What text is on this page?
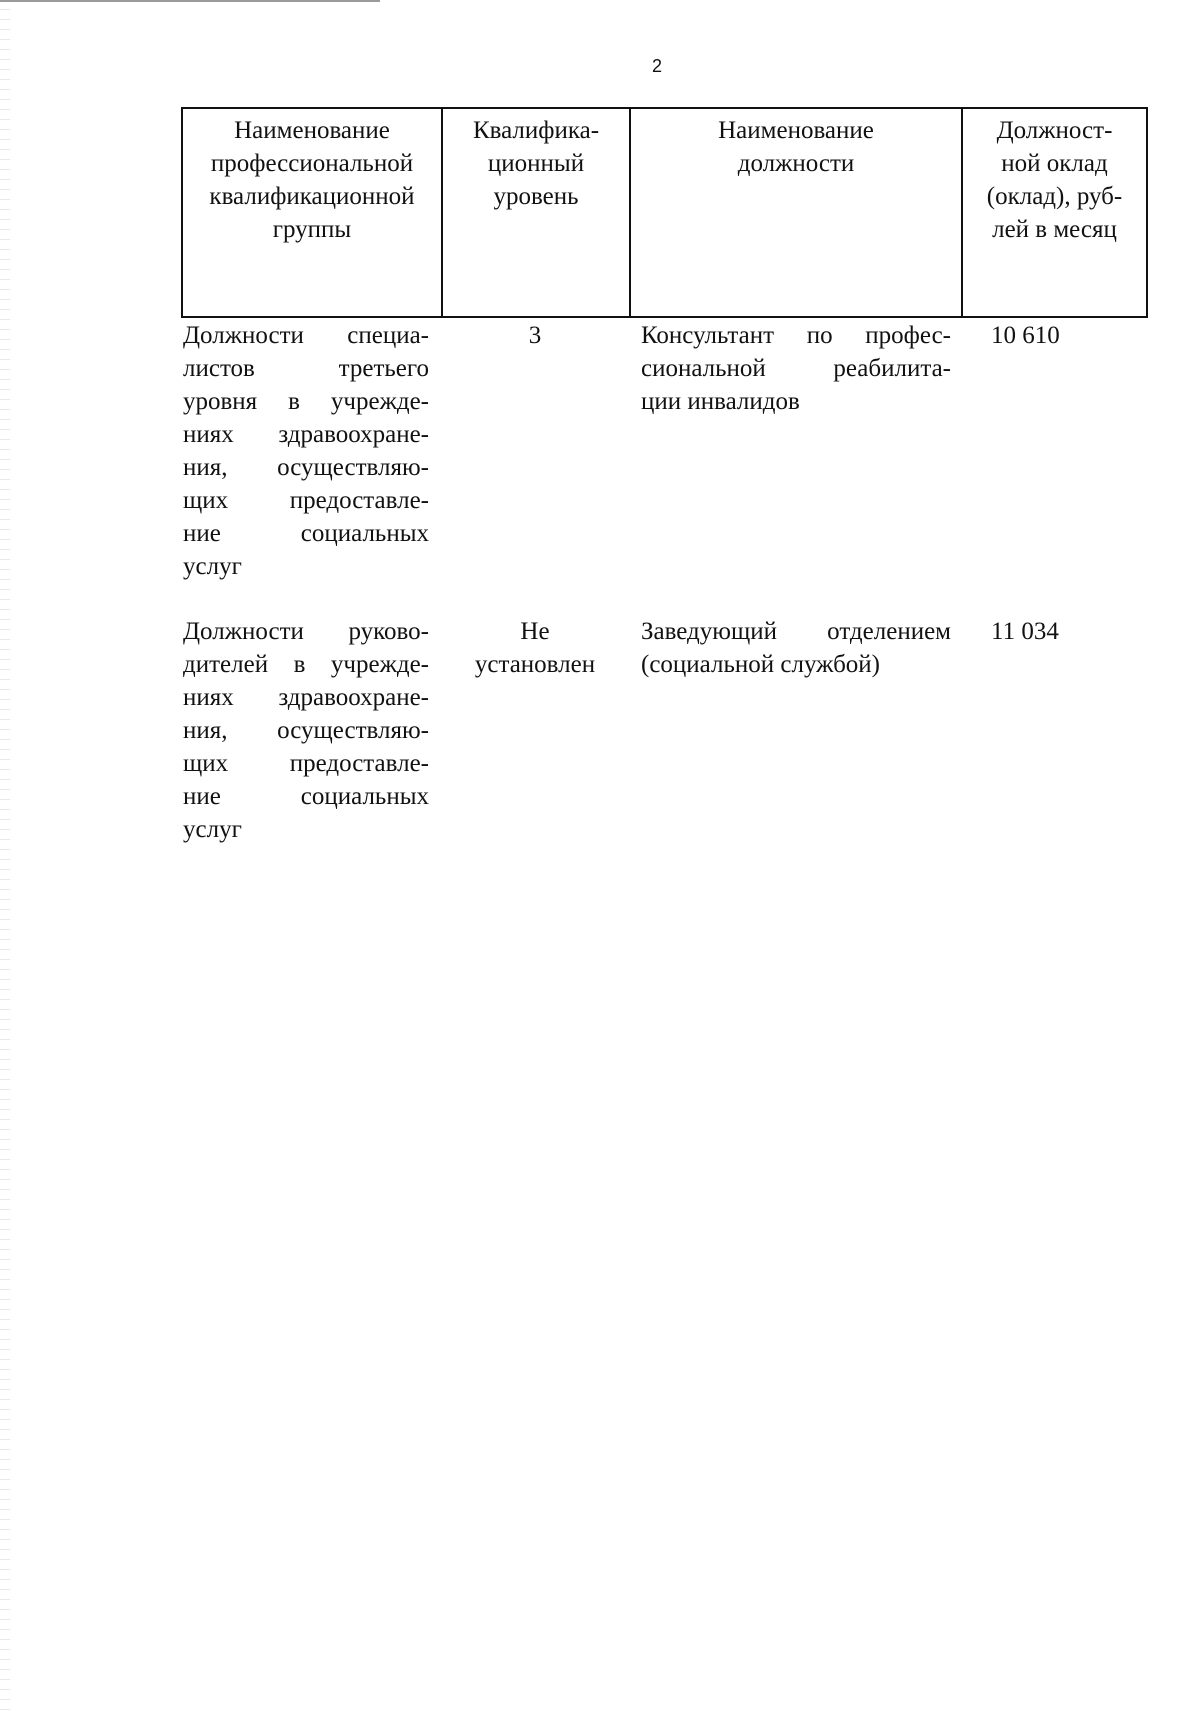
2
Наименование
профессиональной
квалификационной
группы
Квалифика-
ционный
уровень
Наименование
должности
Должност-
ной оклад
(оклад), руб-
лей в месяц
Должности специа-
листов третьего
уровня в учрежде-
ниях здравоохране-
ния, осуществляю-
щих предоставле-
ние социальных
услуг
3	Консультант по профес-
сиональной реабилита-
ции инвалидов
10 610
Должности руково-
дителей в учрежде-
ниях здравоохране-
ния, осуществляю-
щих предоставле-
ние социальных
услуг
Не
установлен
Заведующий отделением
(социальной службой)
11 034
